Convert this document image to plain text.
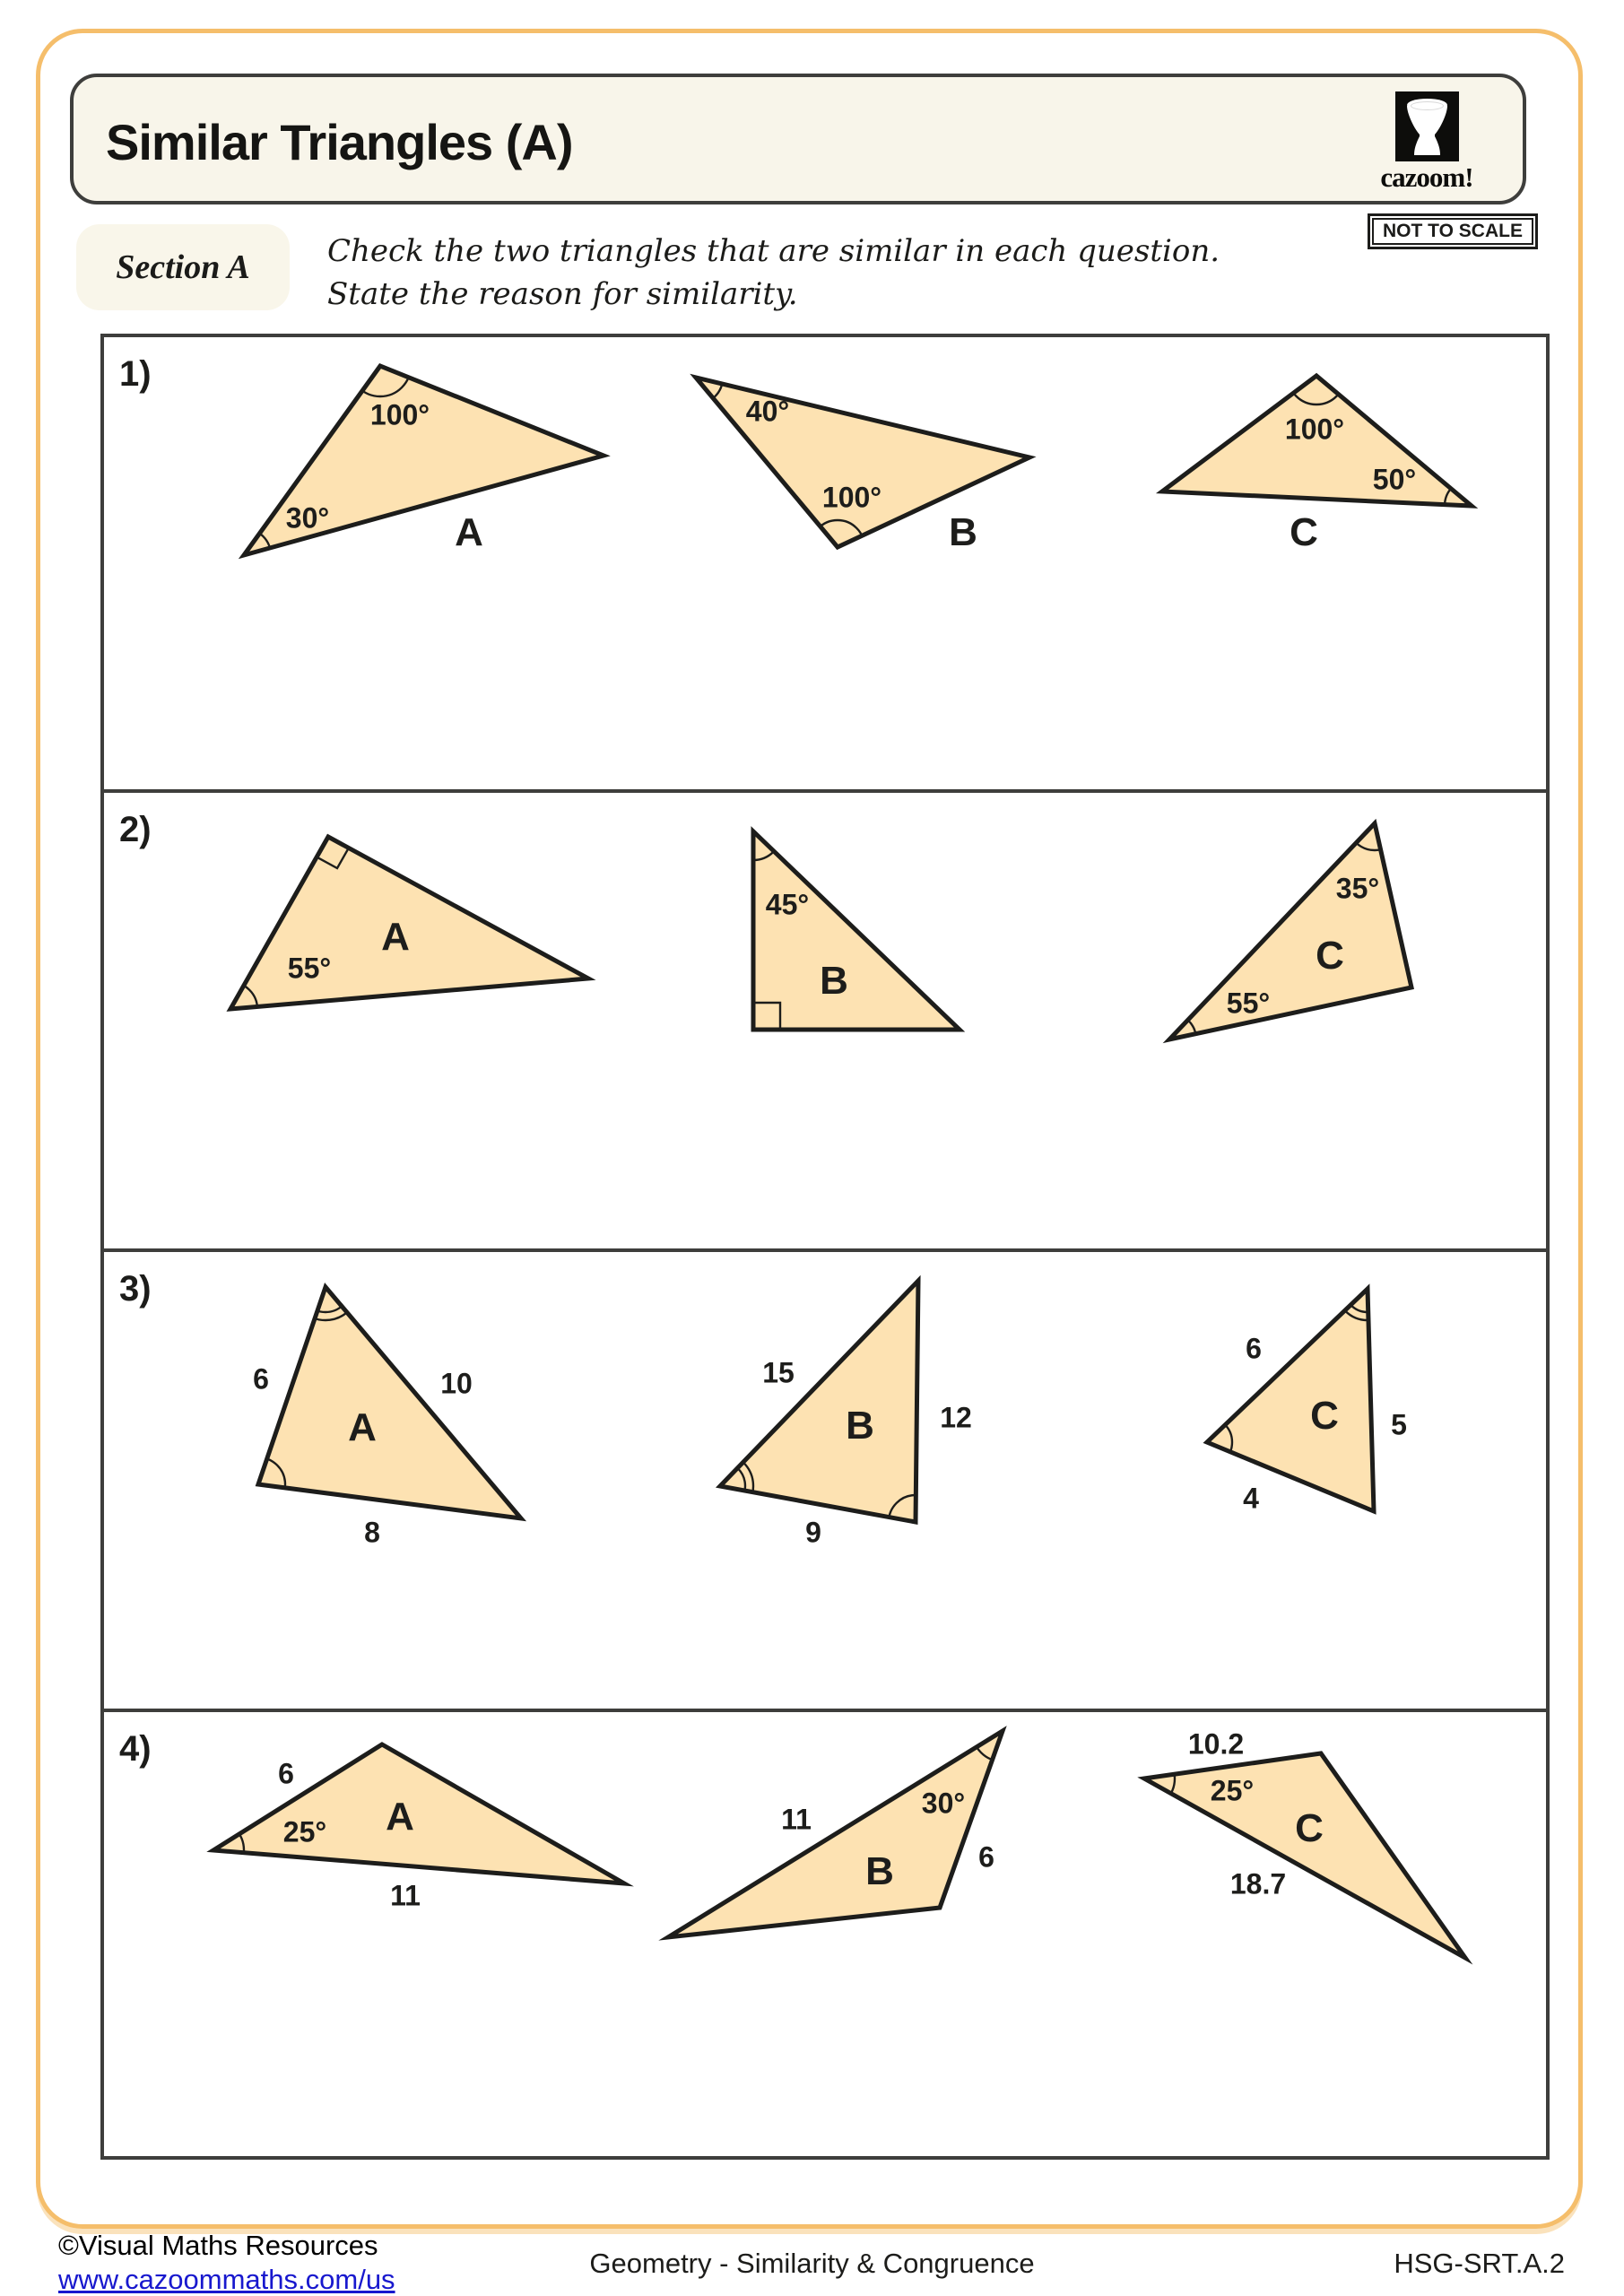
Similar Triangles (A)
cazoom!
NOT TO SCALE
Section A	Check the two triangles that are similar in each question.
State the reason for similarity.
1)
2)
3)
4)
100°
30°	A
40°
100°
B
100°
50°
C
55°
A
45°
B
35°
55°
C
6	10
8
A
15
12
9
B
6
5
4
C
25°
6
11
A	30°
11
6
B
25°
10.2
18.7
C
©Visual Maths Resources
www.cazoommaths.com/us
Geometry - Similarity & Congruence	HSG-SRT.A.2
